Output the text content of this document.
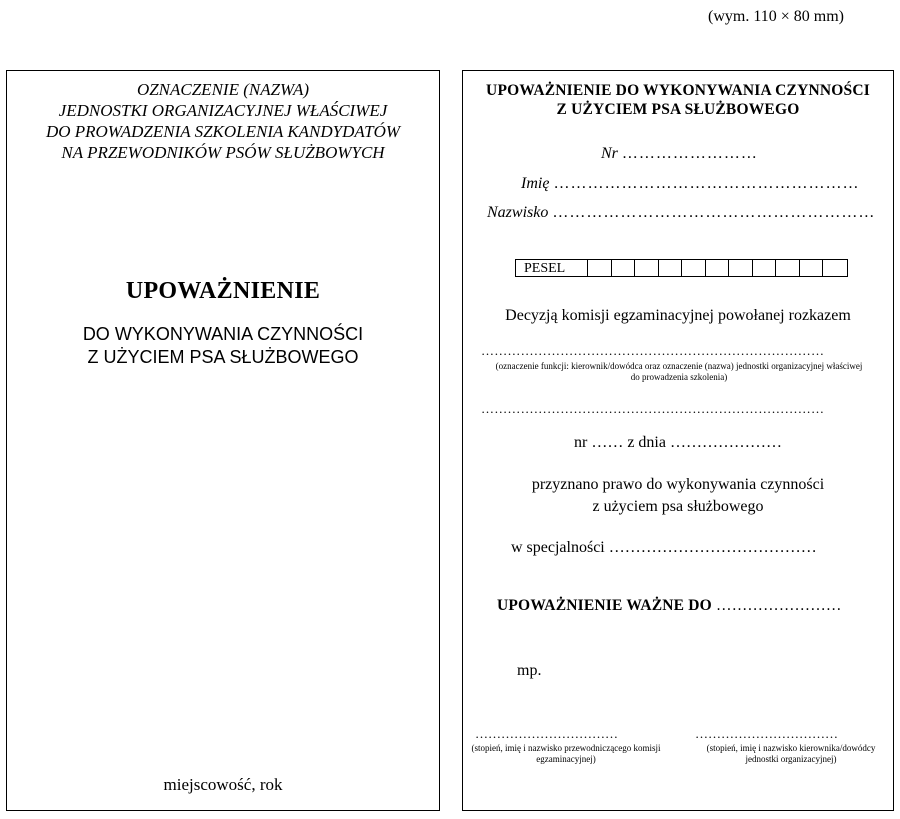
(wym. 110 × 80 mm)
OZNACZENIE (NAZWA)
JEDNOSTKI ORGANIZACYJNEJ WŁAŚCIWEJ
DO PROWADZENIA SZKOLENIA KANDYDATÓW
NA PRZEWODNIKÓW PSÓW SŁUŻBOWYCH
UPOWAŻNIENIE
DO WYKONYWANIA CZYNNOŚCI
Z UŻYCIEM PSA SŁUŻBOWEGO
miejscowość, rok
UPOWAŻNIENIE DO WYKONYWANIA CZYNNOŚCI
Z UŻYCIEM PSA SŁUŻBOWEGO
Nr ……………………
Imię ………………………………………………
Nazwisko …………………………………………………
PESEL
Decyzją komisji egzaminacyjnej powołanej rozkazem
……………………………………………………………………
(oznaczenie funkcji: kierownik/dowódca oraz oznaczenie (nazwa) jednostki organizacyjnej właściwej do prowadzenia szkolenia)
……………………………………………………………………
nr …… z dnia …………………
przyznano prawo do wykonywania czynności
z użyciem psa służbowego
w specjalności …………………………………
UPOWAŻNIENIE WAŻNE DO ……………………
mp.
……………………………
(stopień, imię i nazwisko przewodniczącego komisji egzaminacyjnej)
……………………………
(stopień, imię i nazwisko kierownika/dowódcy jednostki organizacyjnej)
